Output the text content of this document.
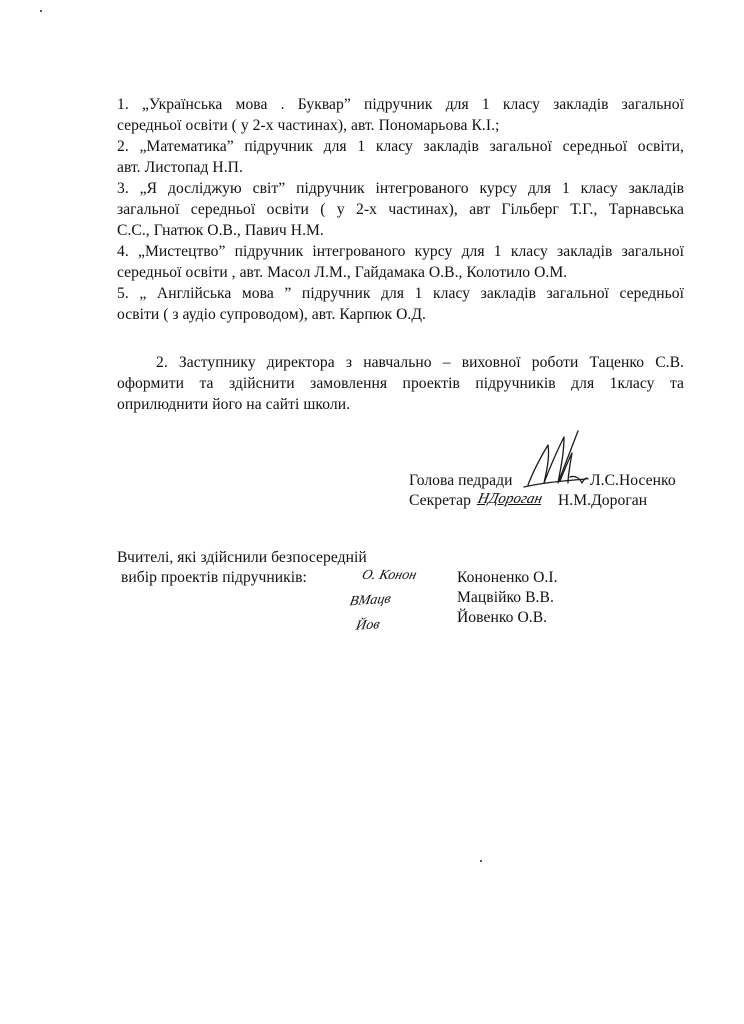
1. „Українська мова . Буквар” підручник для 1 класу закладів загальної
середньої освіти ( у 2-х частинах), авт. Пономарьова К.І.;
2. „Математика” підручник для 1 класу закладів загальної середньої освіти,
авт. Листопад Н.П.
3. „Я досліджую світ” підручник інтегрованого курсу для 1 класу закладів
загальної середньої освіти ( у 2-х частинах), авт Гільберг Т.Г., Тарнавська
С.С., Гнатюк О.В., Павич Н.М.
4. „Мистецтво” підручник інтегрованого курсу для 1 класу закладів загальної
середньої освіти , авт. Масол Л.М., Гайдамака О.В., Колотило О.М.
5. „ Англійська мова ” підручник для 1 класу закладів загальної середньої
освіти ( з аудіо супроводом), авт. Карпюк О.Д.
2. Заступнику директора з навчально – виховної роботи Таценко С.В.
оформити та здійснити замовлення проектів підручників для 1класу та
оприлюднити його на сайті школи.
Голова педради	Л.С.Носенко
Секретар НДороган Н.М.Дороган
Вчителі, які здійснили безпосередній
вибір проектів підручників:	О. Конон
ВМацв
Йов
Кононенко О.І.
Мацвійко В.В.
Йовенко О.В.
